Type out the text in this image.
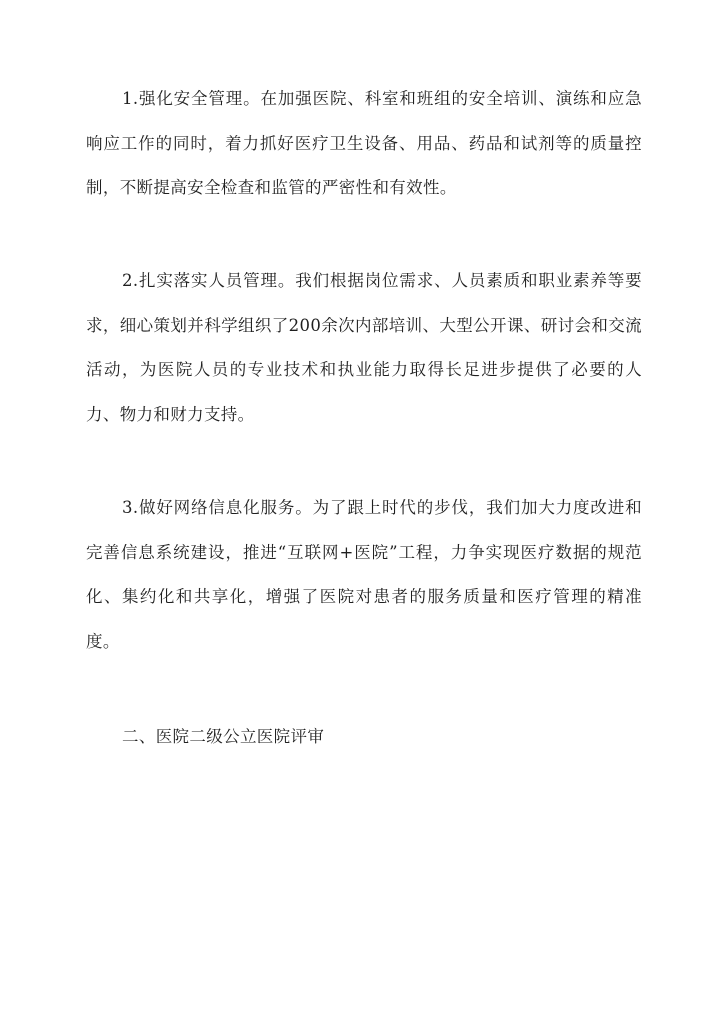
1.强化安全管理。在加强医院、科室和班组的安全培训、演练和应急响应工作的同时，着力抓好医疗卫生设备、用品、药品和试剂等的质量控制，不断提高安全检查和监管的严密性和有效性。

2.扎实落实人员管理。我们根据岗位需求、人员素质和职业素养等要求，细心策划并科学组织了200余次内部培训、大型公开课、研讨会和交流活动，为医院人员的专业技术和执业能力取得长足进步提供了必要的人力、物力和财力支持。

3.做好网络信息化服务。为了跟上时代的步伐，我们加大力度改进和完善信息系统建设，推进“互联网+医院”工程，力争实现医疗数据的规范化、集约化和共享化，增强了医院对患者的服务质量和医疗管理的精准度。

二、医院二级公立医院评审
